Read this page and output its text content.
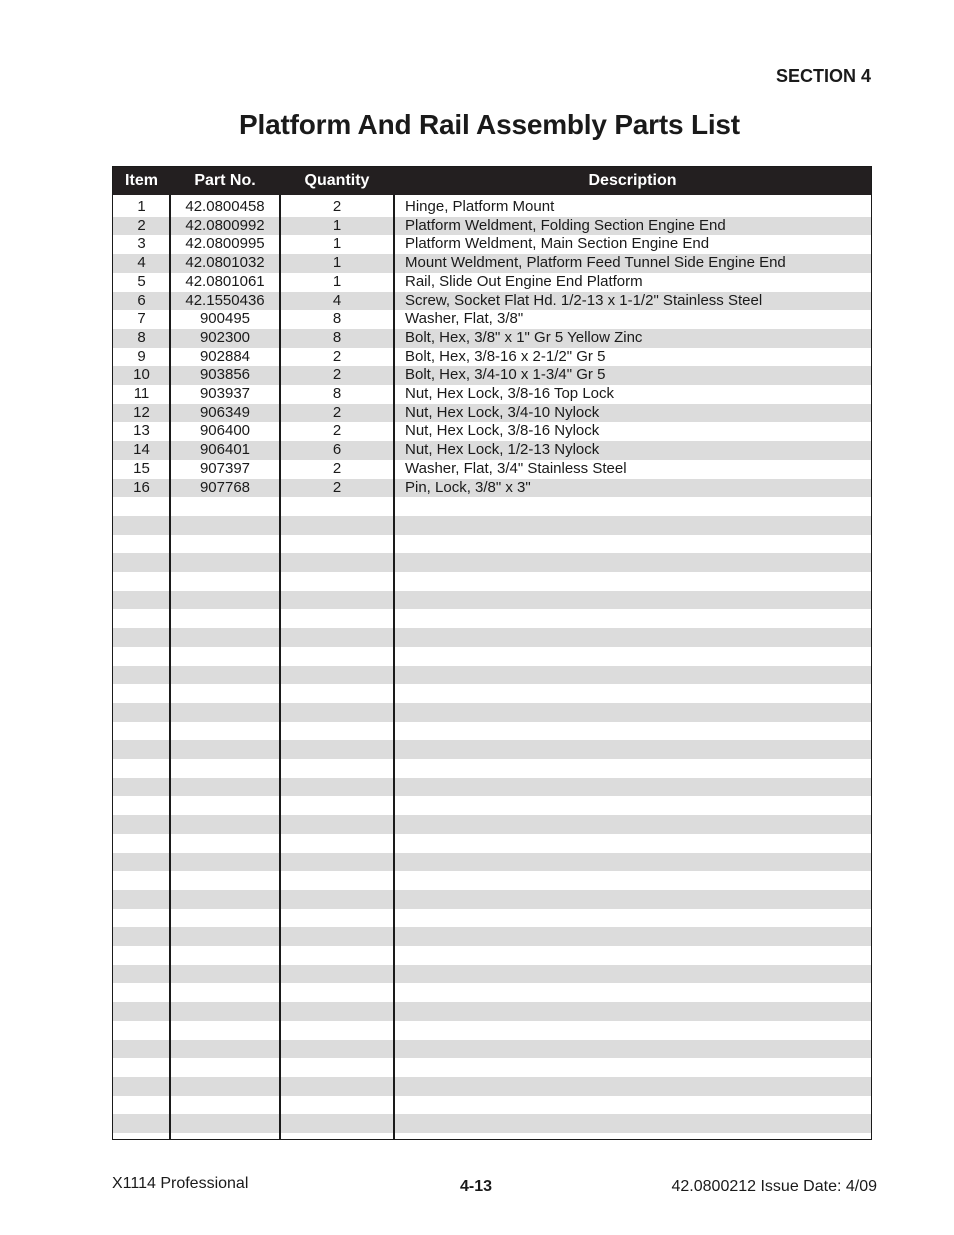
SECTION 4
Platform And Rail Assembly Parts List
Item	Part No.	Quantity	Description
1	42.0800458	2	Hinge, Platform Mount
2	42.0800992	1	Platform Weldment, Folding Section Engine End
3	42.0800995	1	Platform Weldment, Main Section Engine End
4	42.0801032	1	Mount Weldment, Platform Feed Tunnel Side Engine End
5	42.0801061	1	Rail, Slide Out Engine End Platform
6	42.1550436	4	Screw, Socket Flat Hd. 1/2-13 x 1-1/2" Stainless Steel
7	900495	8	Washer, Flat, 3/8"
8	902300	8	Bolt, Hex, 3/8" x 1" Gr 5 Yellow Zinc
9	902884	2	Bolt, Hex, 3/8-16 x 2-1/2" Gr 5
10	903856	2	Bolt, Hex, 3/4-10 x 1-3/4" Gr 5
11	903937	8	Nut, Hex Lock, 3/8-16 Top Lock
12	906349	2	Nut, Hex Lock, 3/4-10 Nylock
13	906400	2	Nut, Hex Lock, 3/8-16 Nylock
14	906401	6	Nut, Hex Lock, 1/2-13 Nylock
15	907397	2	Washer, Flat, 3/4" Stainless Steel
16	907768	2	Pin, Lock, 3/8" x 3"
X1114 Professional	4-13	42.0800212 Issue Date: 4/09
